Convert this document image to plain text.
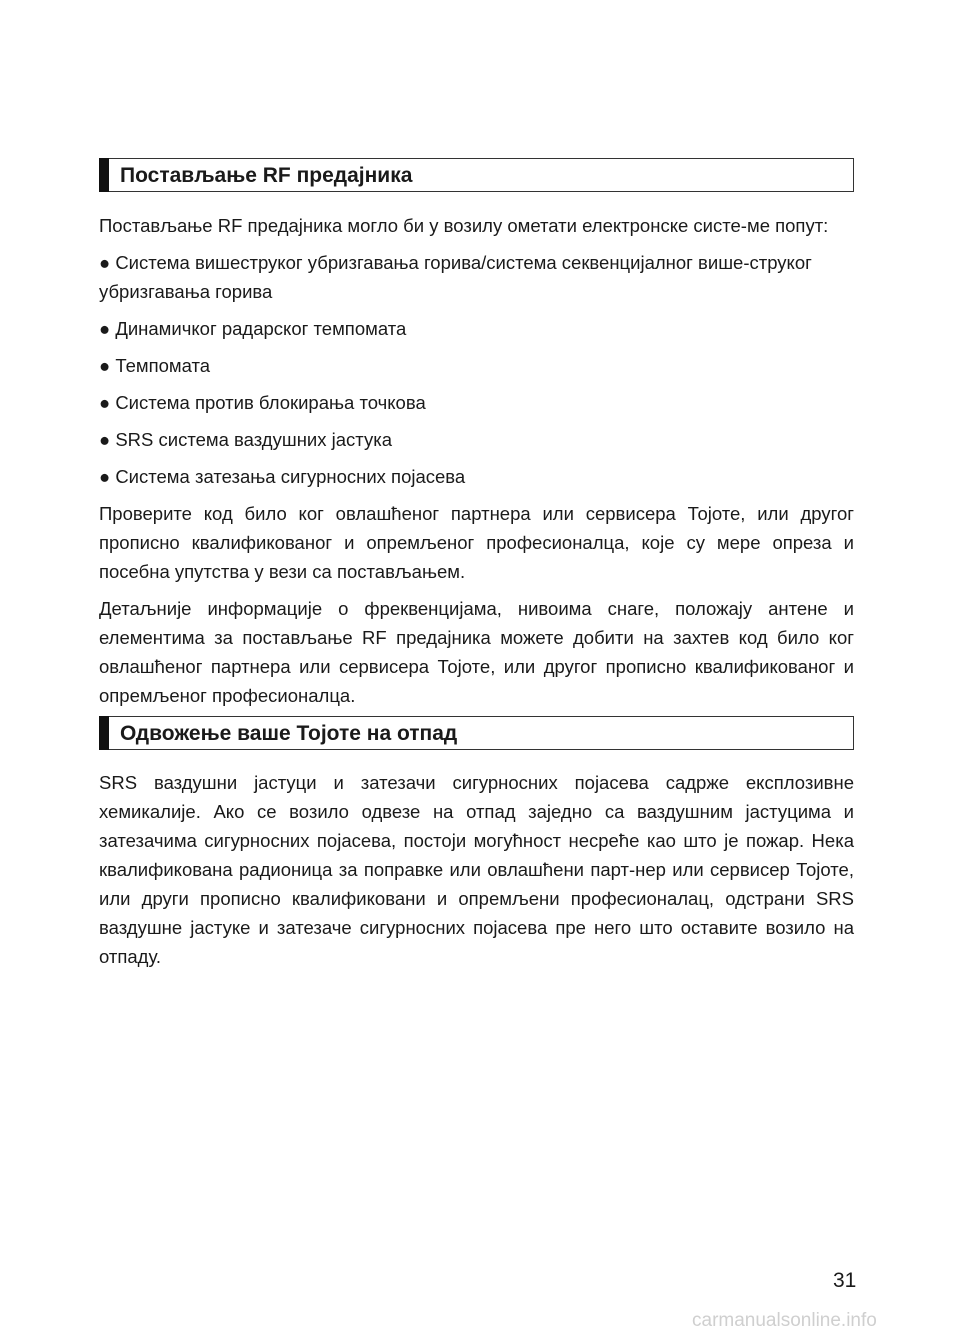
Постављање RF предајника

Постављање RF предајника могло би у возилу ометати електронске систе-ме попут:

● Система вишеструког убризгавања горива/система секвенцијалног више-струког убризгавања горива

● Динамичког радарског темпомата

● Темпомата

● Система против блокирања точкова

● SRS система ваздушних јастука

● Система затезања сигурносних појасева

Проверите код било ког овлашћеног партнера или сервисера Тојоте, или другог прописно квалификованог и опремљеног професионалца, које су мере опреза и посебна упутства у вези са постављањем.

Детаљније информације о фреквенцијама, нивоима снаге, положају антене и елементима за постављање RF предајника можете добити на захтев код било ког овлашћеног партнера или сервисера Тојоте, или другог прописно квалификованог и опремљеног професионалца.

Одвожење ваше Тојоте на отпад

SRS ваздушни јастуци и затезачи сигурносних појасева садрже експлозивне хемикалије. Ако се возило одвезе на отпад заједно са ваздушним јастуцима и затезачима сигурносних појасева, постоји могућност несреће као што је пожар. Нека квалификована радионица за поправке или овлашћени парт-нер или сервисер Тојоте, или други прописно квалификовани и опремљени професионалац, одстрани SRS ваздушне јастуке и затезаче сигурносних појасева пре него што оставите возило на отпаду.

31
carmanualsonline.info
